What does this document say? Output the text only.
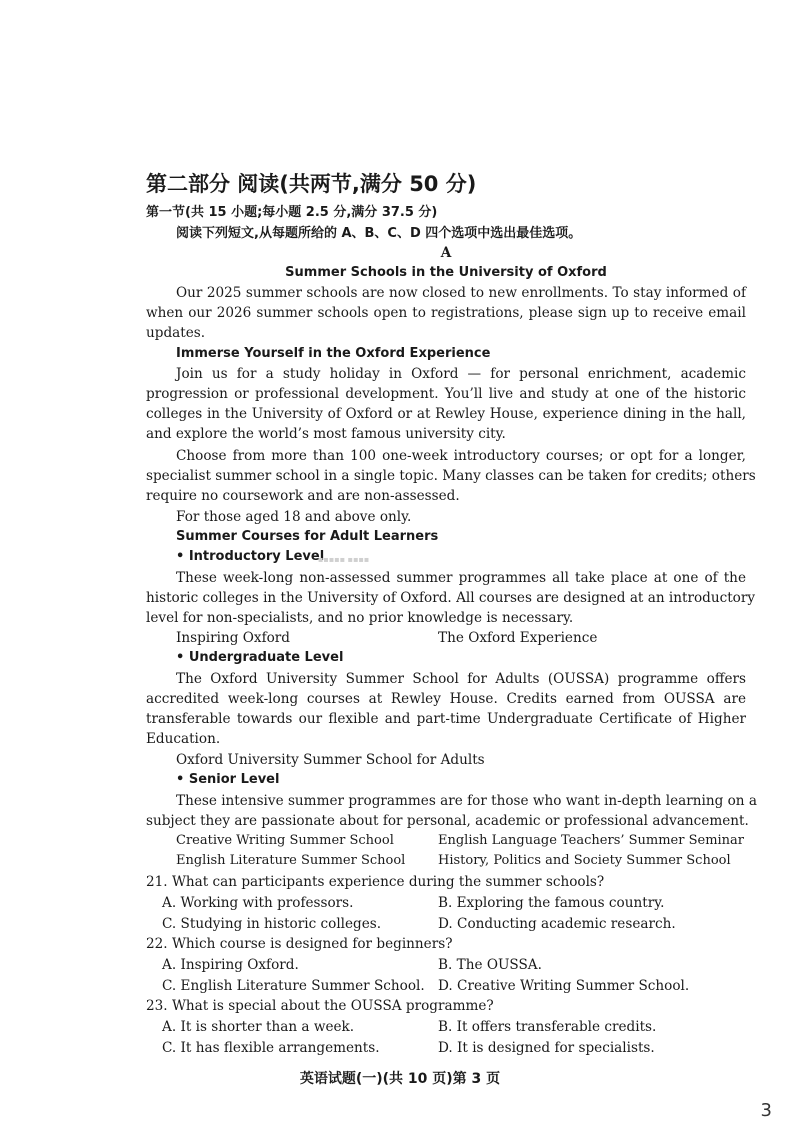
第二部分 阅读(共两节,满分 50 分)
第一节(共 15 小题;每小题 2.5 分,满分 37.5 分)
阅读下列短文,从每题所给的 A、B、C、D 四个选项中选出最佳选项。
A
Summer Schools in the University of Oxford
Our 2025 summer schools are now closed to new enrollments. To stay informed of
when our 2026 summer schools open to registrations, please sign up to receive email
updates.
Immerse Yourself in the Oxford Experience
Join us for a study holiday in Oxford — for personal enrichment, academic
progression or professional development. You’ll live and study at one of the historic
colleges in the University of Oxford or at Rewley House, experience dining in the hall,
and explore the world’s most famous university city.
Choose from more than 100 one-week introductory courses; or opt for a longer,
specialist summer school in a single topic. Many classes can be taken for credits; others
require no coursework and are non-assessed.
For those aged 18 and above only.
Summer Courses for Adult Learners
• Introductory Level
▪▪▪▪▪ ▪▪▪▪
These week-long non-assessed summer programmes all take place at one of the
historic colleges in the University of Oxford. All courses are designed at an introductory
level for non-specialists, and no prior knowledge is necessary.
Inspiring Oxford	The Oxford Experience
• Undergraduate Level
The Oxford University Summer School for Adults (OUSSA) programme offers
accredited week-long courses at Rewley House. Credits earned from OUSSA are
transferable towards our flexible and part-time Undergraduate Certificate of Higher
Education.
Oxford University Summer School for Adults
• Senior Level
These intensive summer programmes are for those who want in-depth learning on a
subject they are passionate about for personal, academic or professional advancement.
Creative Writing Summer School	English Language Teachers’ Summer Seminar
English Literature Summer School	History, Politics and Society Summer School
21. What can participants experience during the summer schools?
A. Working with professors.	B. Exploring the famous country.
C. Studying in historic colleges.	D. Conducting academic research.
22. Which course is designed for beginners?
A. Inspiring Oxford.	B. The OUSSA.
C. English Literature Summer School. D. Creative Writing Summer School.
23. What is special about the OUSSA programme?
A. It is shorter than a week.	B. It offers transferable credits.
C. It has flexible arrangements.	D. It is designed for specialists.
英语试题(一)(共 10 页)第 3 页
3
